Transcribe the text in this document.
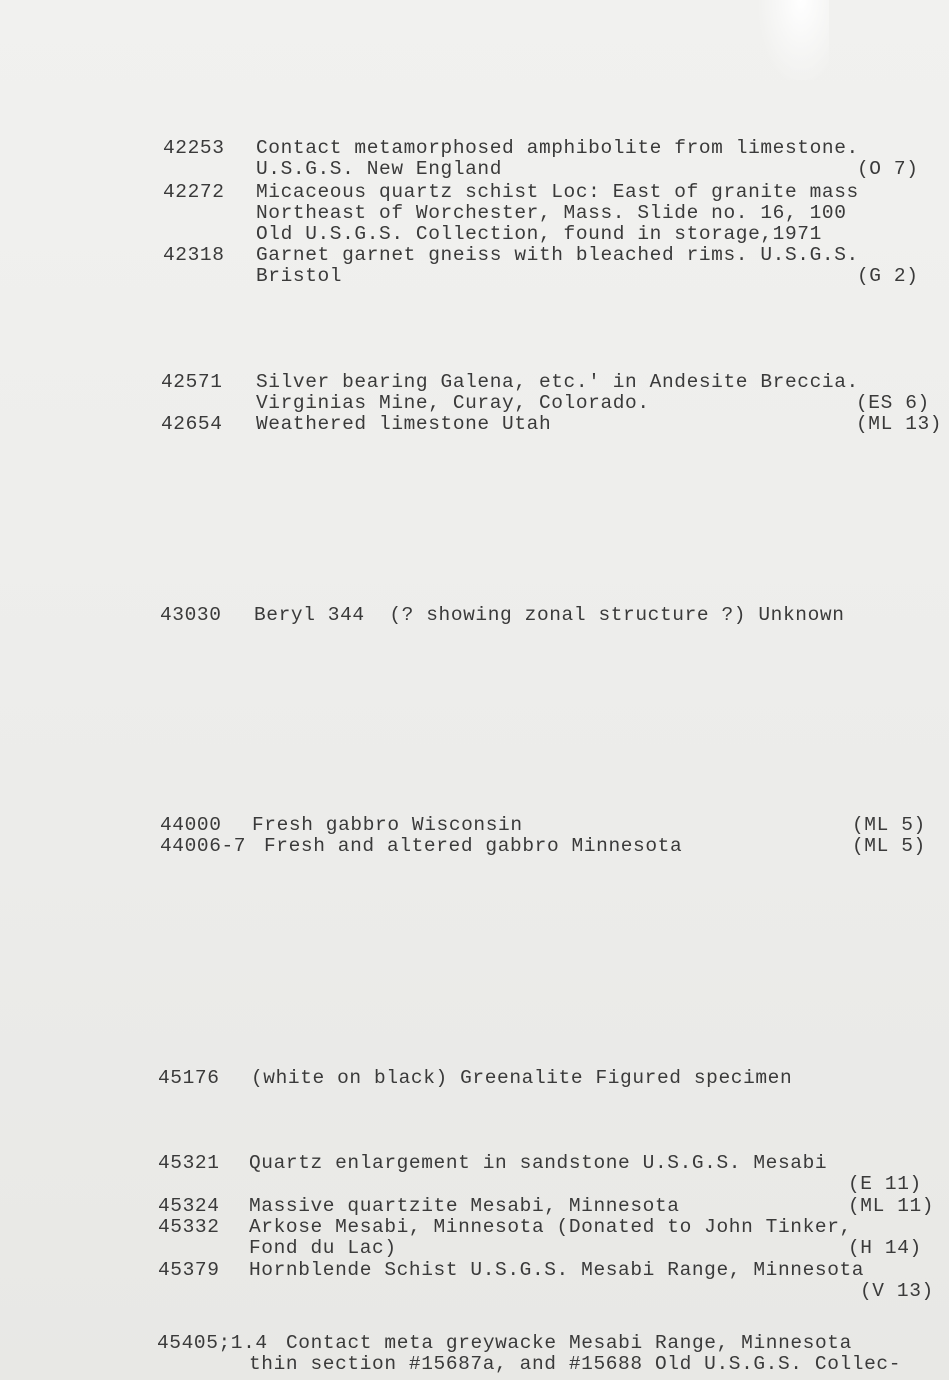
42253 Contact metamorphosed amphibolite from limestone.
U.S.G.S. New England	(O 7)
42272 Micaceous quartz schist Loc: East of granite mass
Northeast of Worchester, Mass. Slide no. 16, 100
Old U.S.G.S. Collection, found in storage,1971
42318 Garnet garnet gneiss with bleached rims. U.S.G.S.
Bristol	(G 2)
42571 Silver bearing Galena, etc.' in Andesite Breccia.
Virginias Mine, Curay, Colorado.	(ES 6)
42654 Weathered limestone Utah	(ML 13)
43030 Beryl 344  (? showing zonal structure ?) Unknown
44000 Fresh gabbro Wisconsin	(ML 5)
44006-7 Fresh and altered gabbro Minnesota	(ML 5)
45176 (white on black) Greenalite Figured specimen
45321 Quartz enlargement in sandstone U.S.G.S. Mesabi
(E 11)
45324 Massive quartzite Mesabi, Minnesota	(ML 11)
45332 Arkose Mesabi, Minnesota (Donated to John Tinker,
Fond du Lac)	(H 14)
45379 Hornblende Schist U.S.G.S. Mesabi Range, Minnesota
(V 13)
45405;1.4 Contact meta greywacke Mesabi Range, Minnesota
thin section #15687a, and #15688 Old U.S.G.S. Collec-
